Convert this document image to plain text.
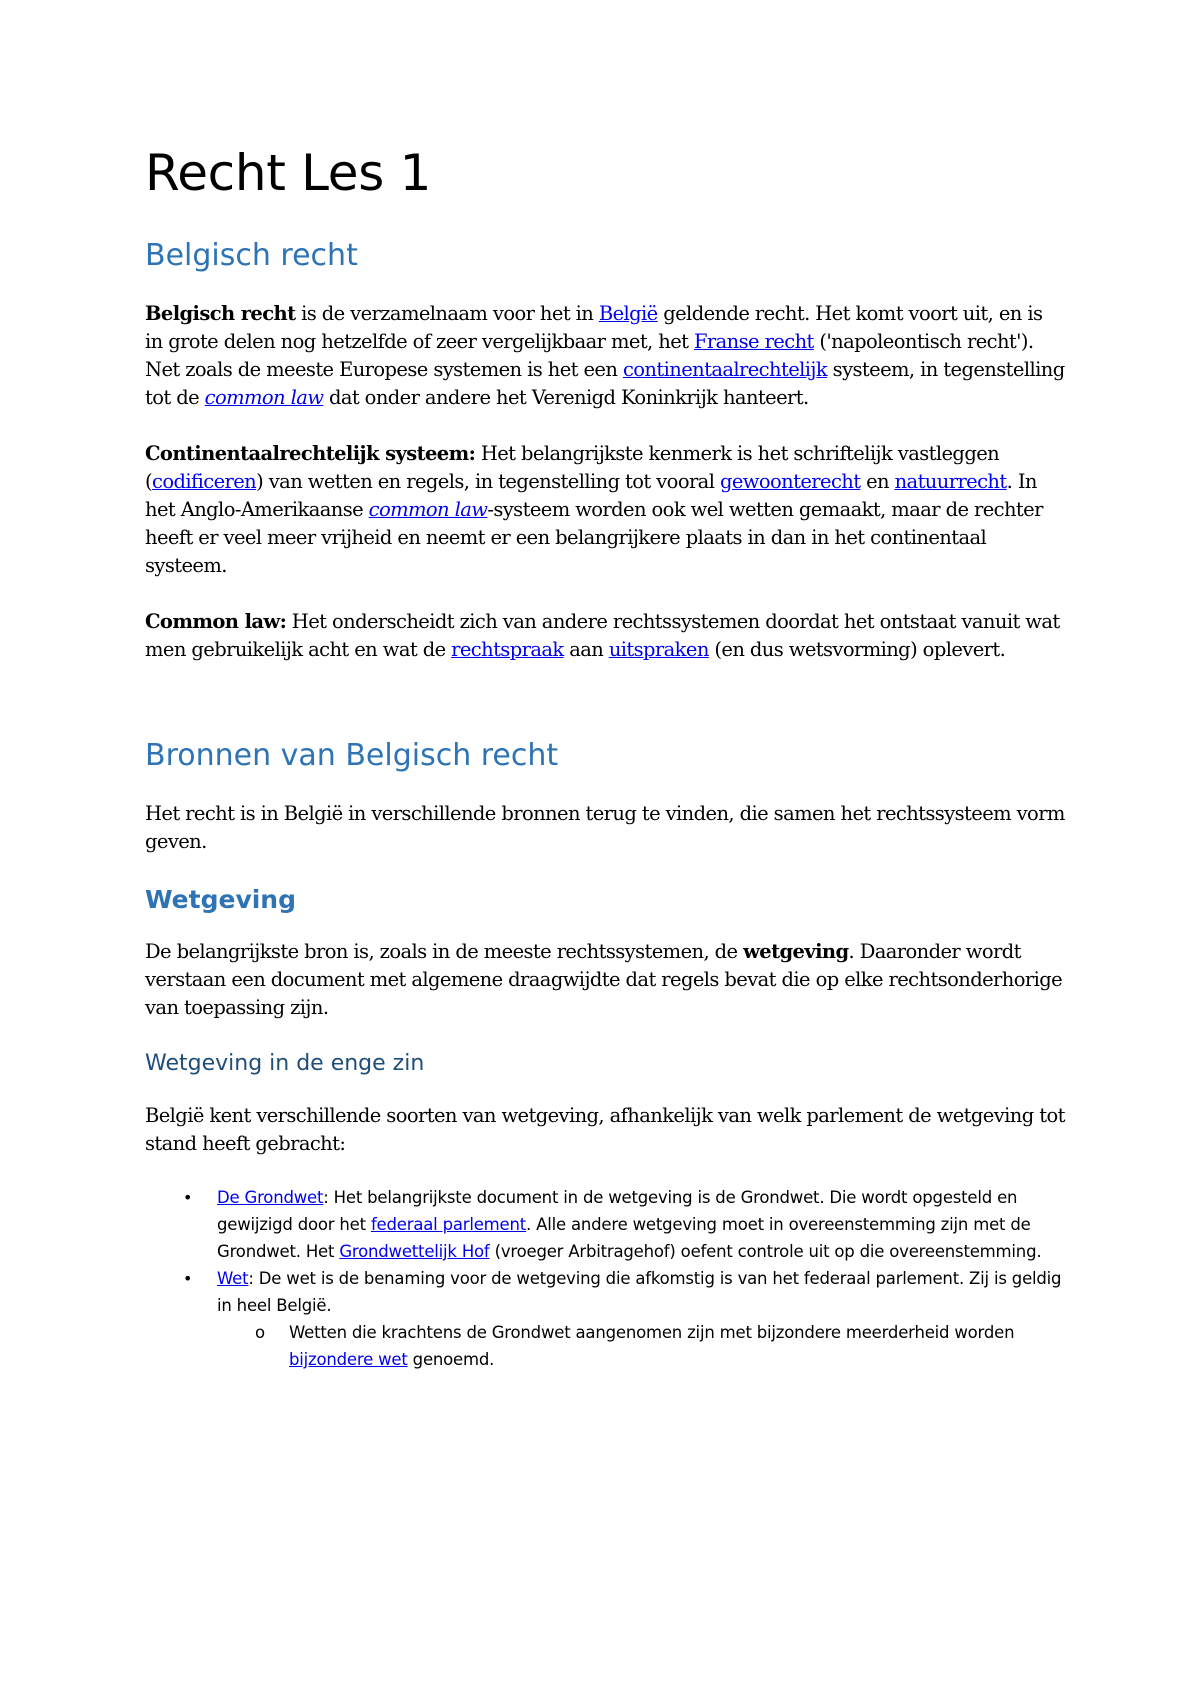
Recht Les 1
Belgisch recht

Belgisch recht is de verzamelnaam voor het in België geldende recht. Het komt voort uit, en is in grote delen nog hetzelfde of zeer vergelijkbaar met, het Franse recht ('napoleontisch recht'). Net zoals de meeste Europese systemen is het een continentaalrechtelijk systeem, in tegenstelling tot de common law dat onder andere het Verenigd Koninkrijk hanteert.

Continentaalrechtelijk systeem: Het belangrijkste kenmerk is het schriftelijk vastleggen (codificeren) van wetten en regels, in tegenstelling tot vooral gewoonterecht en natuurrecht. In het Anglo-Amerikaanse common law-systeem worden ook wel wetten gemaakt, maar de rechter heeft er veel meer vrijheid en neemt er een belangrijkere plaats in dan in het continentaal systeem.

Common law: Het onderscheidt zich van andere rechtssystemen doordat het ontstaat vanuit wat men gebruikelijk acht en wat de rechtspraak aan uitspraken (en dus wetsvorming) oplevert.

Bronnen van Belgisch recht

Het recht is in België in verschillende bronnen terug te vinden, die samen het rechtssysteem vorm geven.

Wetgeving

De belangrijkste bron is, zoals in de meeste rechtssystemen, de wetgeving. Daaronder wordt verstaan een document met algemene draagwijdte dat regels bevat die op elke rechtsonderhorige van toepassing zijn.

Wetgeving in de enge zin

België kent verschillende soorten van wetgeving, afhankelijk van welk parlement de wetgeving tot stand heeft gebracht:

• De Grondwet: Het belangrijkste document in de wetgeving is de Grondwet. Die wordt opgesteld en gewijzigd door het federaal parlement. Alle andere wetgeving moet in overeenstemming zijn met de Grondwet. Het Grondwettelijk Hof (vroeger Arbitragehof) oefent controle uit op die overeenstemming.
• Wet: De wet is de benaming voor de wetgeving die afkomstig is van het federaal parlement. Zij is geldig in heel België.
o Wetten die krachtens de Grondwet aangenomen zijn met bijzondere meerderheid worden bijzondere wet genoemd.
